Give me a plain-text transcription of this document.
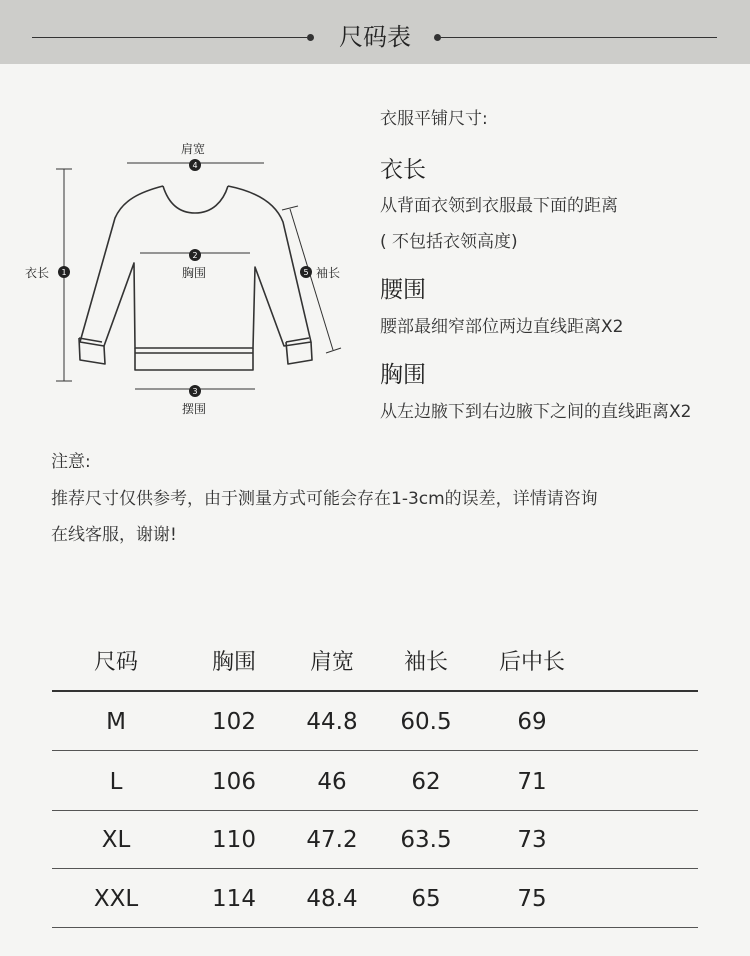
尺码表
4
2
3
1	5
肩宽
胸围
摆围
衣长	袖长
衣服平铺尺寸:
衣长
从背面衣领到衣服最下面的距离
( 不包括衣领高度)
腰围
腰部最细窄部位两边直线距离X2
胸围
从左边腋下到右边腋下之间的直线距离X2
注意:
推荐尺寸仅供参考，由于测量方式可能会存在1-3cm的误差，详情请咨询
在线客服，谢谢!
尺码	胸围	肩宽	袖长	后中长
M	102	44.8	60.5	69
L	106	46	62	71
XL	110	47.2	63.5	73
XXL	114	48.4	65	75
